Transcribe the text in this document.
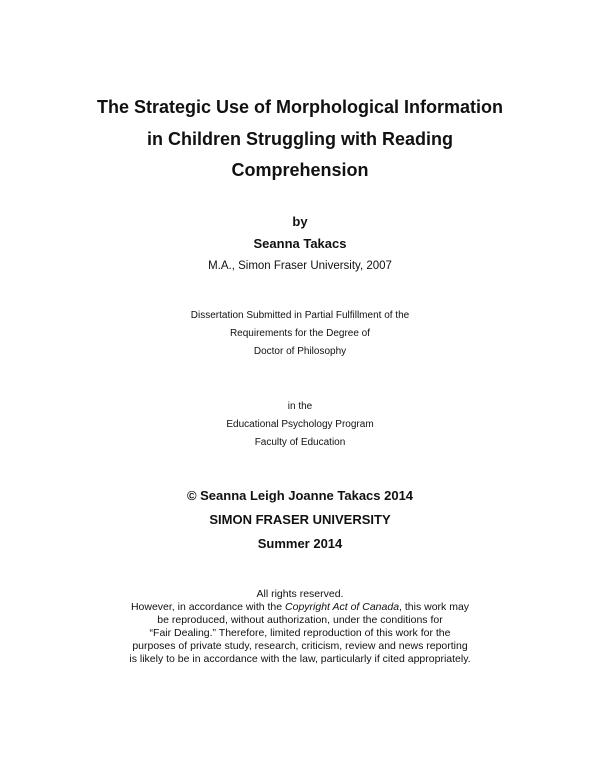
The Strategic Use of Morphological Information
in Children Struggling with Reading
Comprehension
by
Seanna Takacs
M.A., Simon Fraser University, 2007
Dissertation Submitted in Partial Fulfillment of the
Requirements for the Degree of
Doctor of Philosophy
in the
Educational Psychology Program
Faculty of Education
© Seanna Leigh Joanne Takacs 2014
SIMON FRASER UNIVERSITY
Summer 2014
All rights reserved.
However, in accordance with the Copyright Act of Canada, this work may
be reproduced, without authorization, under the conditions for
“Fair Dealing.” Therefore, limited reproduction of this work for the
purposes of private study, research, criticism, review and news reporting
is likely to be in accordance with the law, particularly if cited appropriately.
